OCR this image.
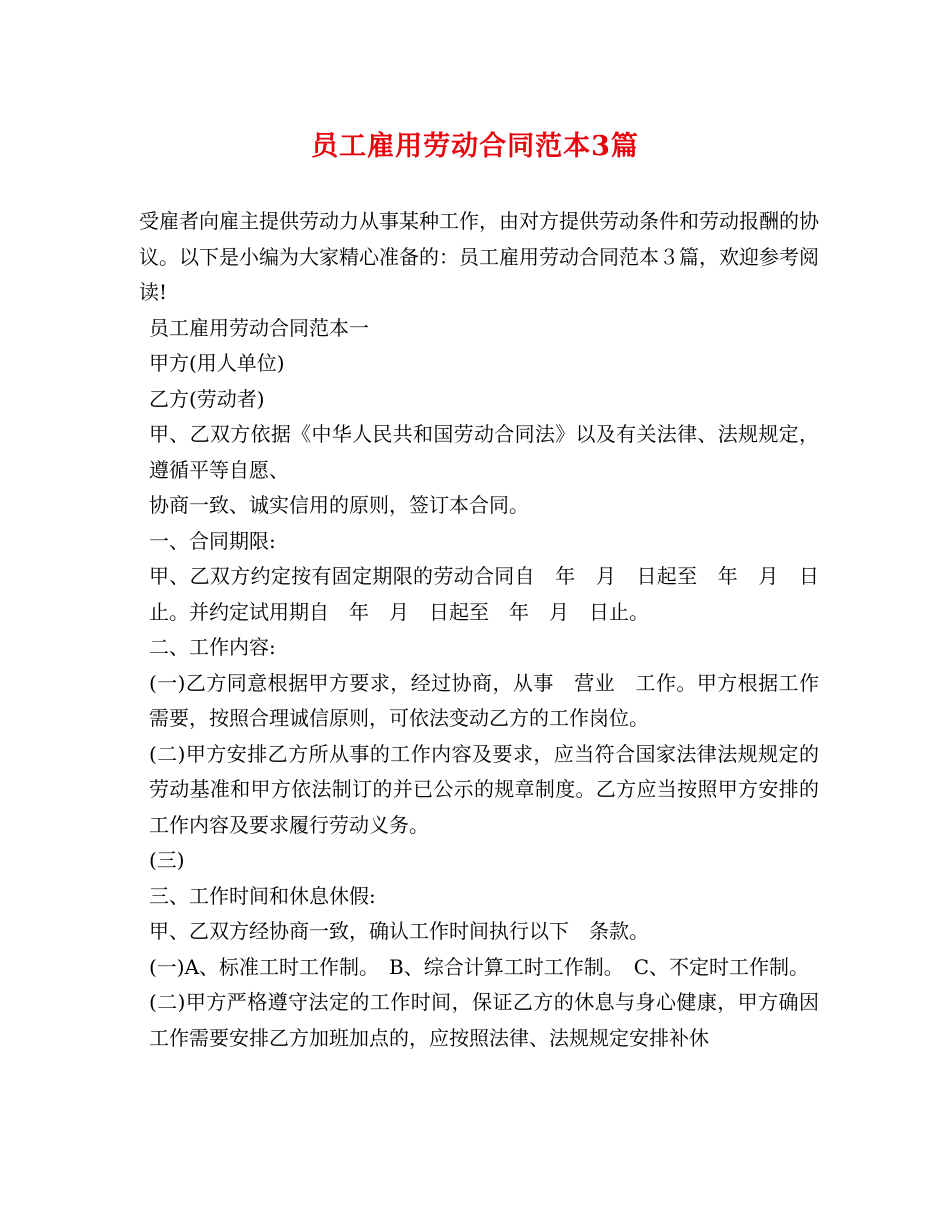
员工雇用劳动合同范本3篇

受雇者向雇主提供劳动力从事某种工作，由对方提供劳动条件和劳动报酬的协议。以下是小编为大家精心准备的：员工雇用劳动合同范本３篇，欢迎参考阅读!

员工雇用劳动合同范本一

甲方(用人单位)

乙方(劳动者)

甲、乙双方依据《中华人民共和国劳动合同法》以及有关法律、法规规定，遵循平等自愿、

协商一致、诚实信用的原则，签订本合同。

一、合同期限:

甲、乙双方约定按有固定期限的劳动合同自　年　月　日起至　年　月　日止。并约定试用期自　年　月　日起至　年　月　日止。

二、工作内容:

(一)乙方同意根据甲方要求，经过协商，从事　营业　工作。甲方根据工作需要，按照合理诚信原则，可依法变动乙方的工作岗位。

(二)甲方安排乙方所从事的工作内容及要求，应当符合国家法律法规规定的劳动基准和甲方依法制订的并已公示的规章制度。乙方应当按照甲方安排的工作内容及要求履行劳动义务。

(三)

三、工作时间和休息休假:

甲、乙双方经协商一致，确认工作时间执行以下　条款。

(一)A、标准工时工作制。　B、综合计算工时工作制。　C、不定时工作制。

(二)甲方严格遵守法定的工作时间，保证乙方的休息与身心健康，甲方确因工作需要安排乙方加班加点的，应按照法律、法规规定安排补休
